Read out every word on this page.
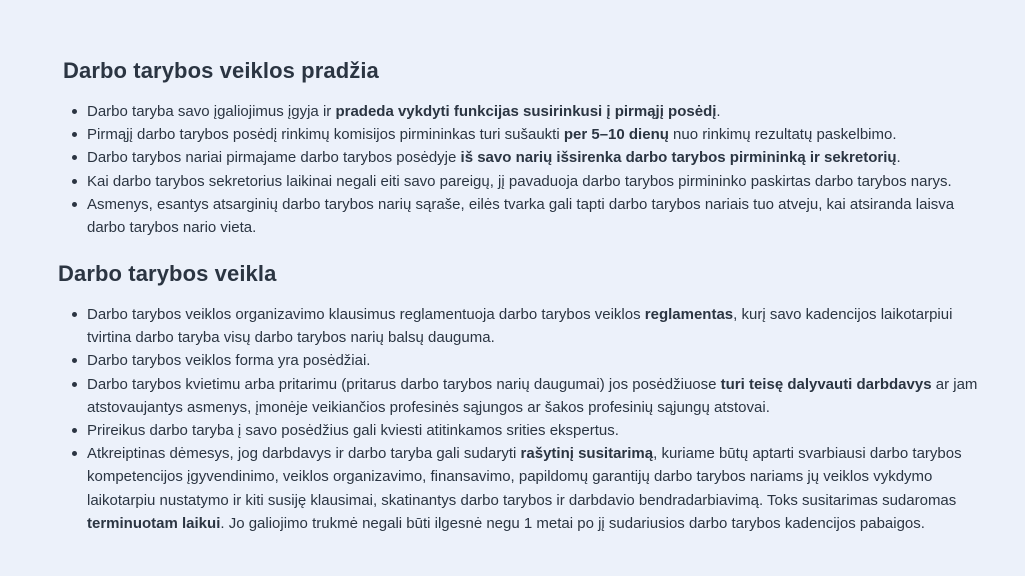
Darbo tarybos veiklos pradžia
Darbo taryba savo įgaliojimus įgyja ir pradeda vykdyti funkcijas susirinkusi į pirmąjį posėdį.
Pirmąjį darbo tarybos posėdį rinkimų komisijos pirmininkas turi sušaukti per 5–10 dienų nuo rinkimų rezultatų paskelbimo.
Darbo tarybos nariai pirmajame darbo tarybos posėdyje iš savo narių išsirenka darbo tarybos pirmininką ir sekretorių.
Kai darbo tarybos sekretorius laikinai negali eiti savo pareigų, jį pavaduoja darbo tarybos pirmininko paskirtas darbo tarybos narys.
Asmenys, esantys atsarginių darbo tarybos narių sąraše, eilės tvarka gali tapti darbo tarybos nariais tuo atveju, kai atsiranda laisva darbo tarybos nario vieta.
Darbo tarybos veikla
Darbo tarybos veiklos organizavimo klausimus reglamentuoja darbo tarybos veiklos reglamentas, kurį savo kadencijos laikotarpiui tvirtina darbo taryba visų darbo tarybos narių balsų dauguma.
Darbo tarybos veiklos forma yra posėdžiai.
Darbo tarybos kvietimu arba pritarimu (pritarus darbo tarybos narių daugumai) jos posėdžiuose turi teisę dalyvauti darbdavys ar jam atstovaujantys asmenys, įmonėje veikiančios profesinės sąjungos ar šakos profesinių sąjungų atstovai.
Prireikus darbo taryba į savo posėdžius gali kviesti atitinkamos srities ekspertus.
Atkreiptinas dėmesys, jog darbdavys ir darbo taryba gali sudaryti rašytinį susitarimą, kuriame būtų aptarti svarbiausi darbo tarybos kompetencijos įgyvendinimo, veiklos organizavimo, finansavimo, papildomų garantijų darbo tarybos nariams jų veiklos vykdymo laikotarpiu nustatymo ir kiti susiję klausimai, skatinantys darbo tarybos ir darbdavio bendradarbiavimą. Toks susitarimas sudaromas terminuotam laikui. Jo galiojimo trukmė negali būti ilgesnė negu 1 metai po jį sudariusios darbo tarybos kadencijos pabaigos.
